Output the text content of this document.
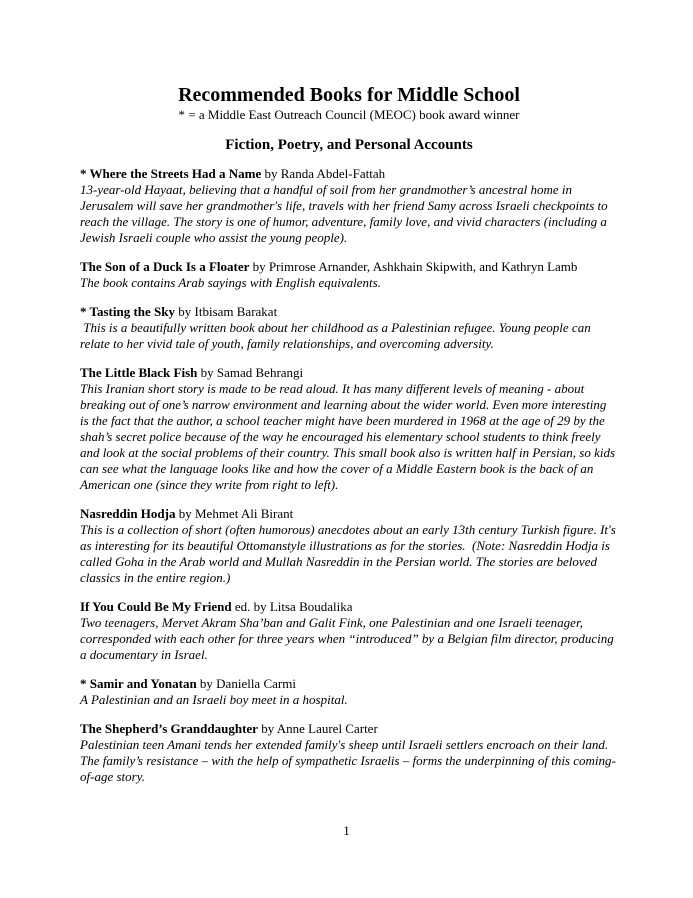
Recommended Books for Middle School

* = a Middle East Outreach Council (MEOC) book award winner

Fiction, Poetry, and Personal Accounts

* Where the Streets Had a Name by Randa Abdel-Fattah

13-year-old Hayaat, believing that a handful of soil from her grandmother’s ancestral home in Jerusalem will save her grandmother's life, travels with her friend Samy across Israeli checkpoints to reach the village. The story is one of humor, adventure, family love, and vivid characters (including a Jewish Israeli couple who assist the young people).

The Son of a Duck Is a Floater by Primrose Arnander, Ashkhain Skipwith, and Kathryn Lamb

The book contains Arab sayings with English equivalents.

* Tasting the Sky by Itbisam Barakat

This is a beautifully written book about her childhood as a Palestinian refugee. Young people can relate to her vivid tale of youth, family relationships, and overcoming adversity.

The Little Black Fish by Samad Behrangi

This Iranian short story is made to be read aloud. It has many different levels of meaning - about breaking out of one’s narrow environment and learning about the wider world. Even more interesting is the fact that the author, a school teacher might have been murdered in 1968 at the age of 29 by the shah’s secret police because of the way he encouraged his elementary school students to think freely and look at the social problems of their country. This small book also is written half in Persian, so kids can see what the language looks like and how the cover of a Middle Eastern book is the back of an American one (since they write from right to left).

Nasreddin Hodja by Mehmet Ali Birant

This is a collection of short (often humorous) anecdotes about an early 13th century Turkish figure. It's as interesting for its beautiful Ottomanstyle illustrations as for the stories.  (Note: Nasreddin Hodja is called Goha in the Arab world and Mullah Nasreddin in the Persian world. The stories are beloved classics in the entire region.)

If You Could Be My Friend ed. by Litsa Boudalika

Two teenagers, Mervet Akram Sha’ban and Galit Fink, one Palestinian and one Israeli teenager, corresponded with each other for three years when “introduced” by a Belgian film director, producing a documentary in Israel.

* Samir and Yonatan by Daniella Carmi

A Palestinian and an Israeli boy meet in a hospital.

The Shepherd’s Granddaughter by Anne Laurel Carter

Palestinian teen Amani tends her extended family's sheep until Israeli settlers encroach on their land. The family’s resistance – with the help of sympathetic Israelis – forms the underpinning of this coming-of-age story.

1
